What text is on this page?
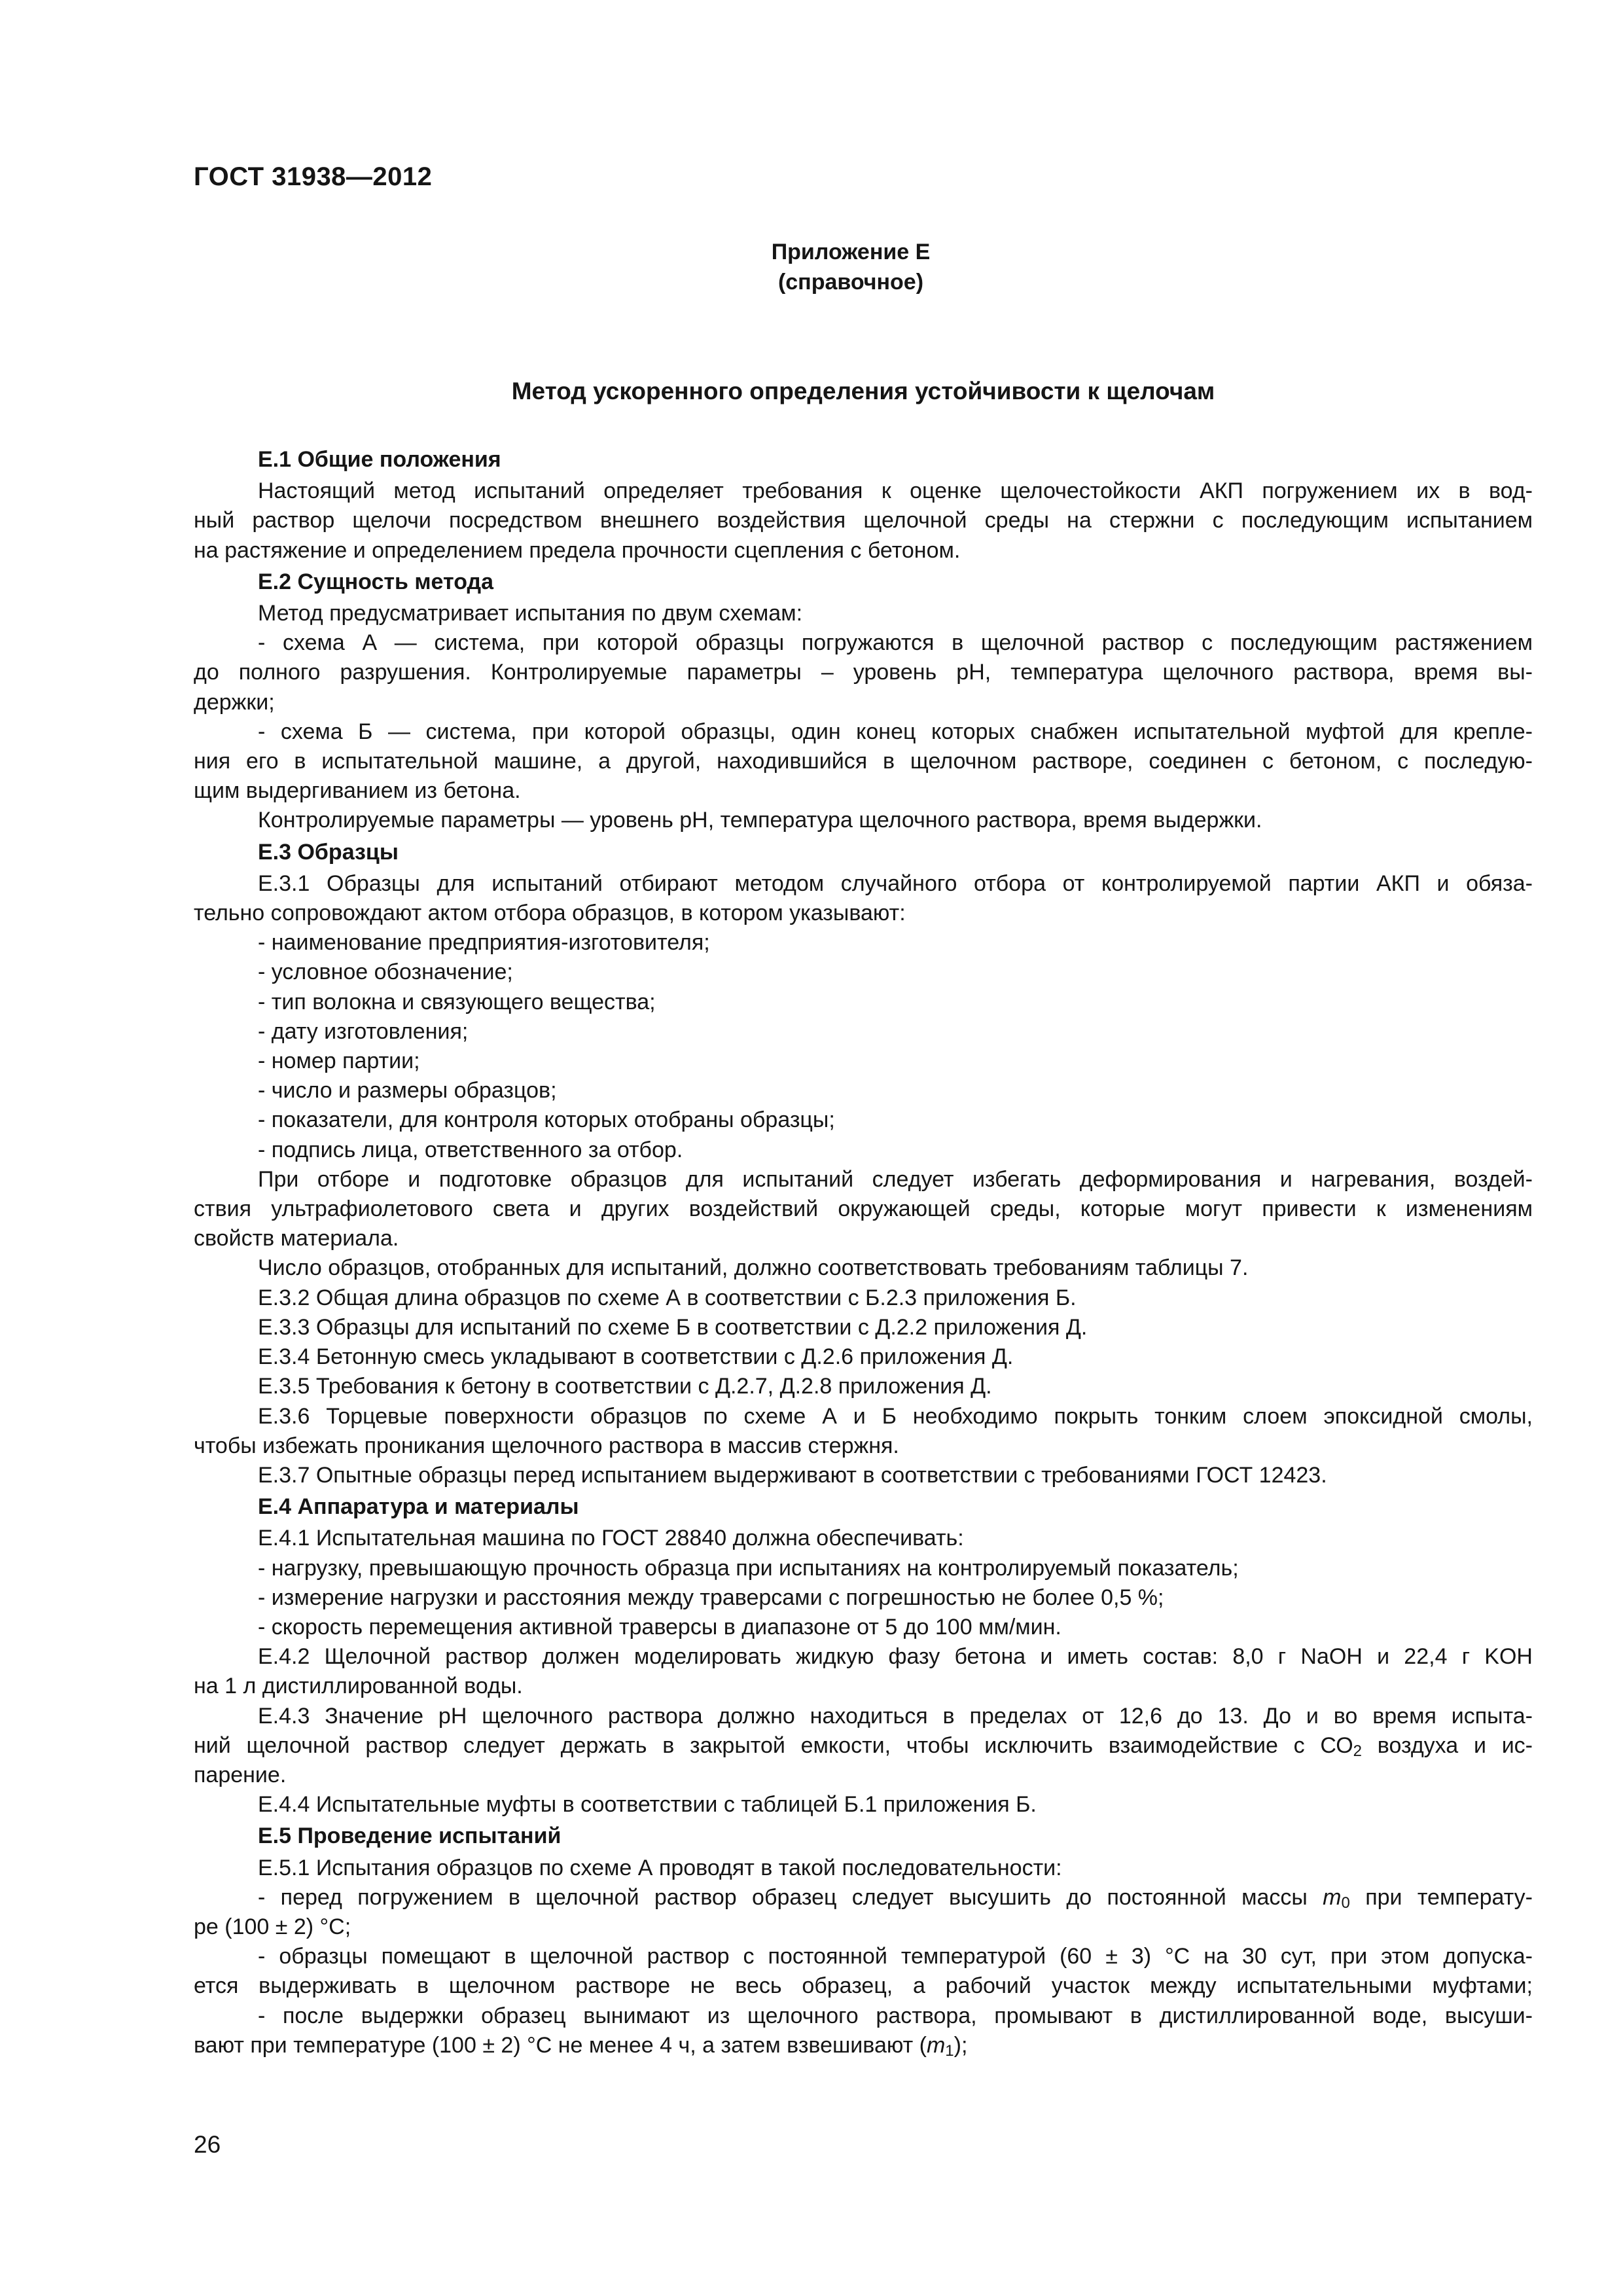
ГОСТ 31938—2012
Приложение Е
(справочное)
Метод ускоренного определения устойчивости к щелочам

Е.1 Общие положения

Настоящий метод испытаний определяет требования к оценке щелочестойкости АКП погружением их в вод-

ный раствор щелочи посредством внешнего воздействия щелочной среды на стержни с последующим испытанием

на растяжение и определением предела прочности сцепления с бетоном.

Е.2 Сущность метода

Метод предусматривает испытания по двум схемам:

- схема А — система, при которой образцы погружаются в щелочной раствор с последующим растяжением

до полного разрушения. Контролируемые параметры – уровень рН, температура щелочного раствора, время вы-

держки;

- схема Б — система, при которой образцы, один конец которых снабжен испытательной муфтой для крепле-

ния его в испытательной машине, а другой, находившийся в щелочном растворе, соединен с бетоном, с последую-

щим выдергиванием из бетона.

Контролируемые параметры — уровень рН, температура щелочного раствора, время выдержки.

Е.3 Образцы

Е.3.1 Образцы для испытаний отбирают методом случайного отбора от контролируемой партии АКП и обяза-

тельно сопровождают актом отбора образцов, в котором указывают:

- наименование предприятия-изготовителя;

- условное обозначение;

- тип волокна и связующего вещества;

- дату изготовления;

- номер партии;

- число и размеры образцов;

- показатели, для контроля которых отобраны образцы;

- подпись лица, ответственного за отбор.

При отборе и подготовке образцов для испытаний следует избегать деформирования и нагревания, воздей-

ствия ультрафиолетового света и других воздействий окружающей среды, которые могут привести к изменениям

свойств материала.

Число образцов, отобранных для испытаний, должно соответствовать требованиям таблицы 7.

Е.3.2 Общая длина образцов по схеме А в соответствии с Б.2.3 приложения Б.

Е.3.3 Образцы для испытаний по схеме Б в соответствии с Д.2.2 приложения Д.

Е.3.4 Бетонную смесь укладывают в соответствии с Д.2.6 приложения Д.

Е.3.5 Требования к бетону в соответствии с Д.2.7, Д.2.8 приложения Д.

Е.3.6 Торцевые поверхности образцов по схеме А и Б необходимо покрыть тонким слоем эпоксидной смолы,

чтобы избежать проникания щелочного раствора в массив стержня.

Е.3.7 Опытные образцы перед испытанием выдерживают в соответствии с требованиями ГОСТ 12423.

Е.4 Аппаратура и материалы

Е.4.1 Испытательная машина по ГОСТ 28840 должна обеспечивать:

- нагрузку, превышающую прочность образца при испытаниях на контролируемый показатель;

- измерение нагрузки и расстояния между траверсами с погрешностью не более 0,5 %;

- скорость перемещения активной траверсы в диапазоне от 5 до 100 мм/мин.

Е.4.2 Щелочной раствор должен моделировать жидкую фазу бетона и иметь состав: 8,0 г NaOH и 22,4 г KOH

на 1 л дистиллированной воды.

Е.4.3 Значение рН щелочного раствора должно находиться в пределах от 12,6 до 13. До и во время испыта-

ний щелочной раствор следует держать в закрытой емкости, чтобы исключить взаимодействие с $СО_2$ воздуха и ис-

парение.

Е.4.4 Испытательные муфты в соответствии с таблицей Б.1 приложения Б.

Е.5 Проведение испытаний

Е.5.1 Испытания образцов по схеме А проводят в такой последовательности:

- перед погружением в щелочной раствор образец следует высушить до постоянной массы $m_0$ при температу-

ре (100 ± 2) °С;

- образцы помещают в щелочной раствор с постоянной температурой (60 ± 3) °С на 30 сут, при этом допуска-

ется выдерживать в щелочном растворе не весь образец, а рабочий участок между испытательными муфтами;

- после выдержки образец вынимают из щелочного раствора, промывают в дистиллированной воде, высуши-

вают при температуре (100 ± 2) °С не менее 4 ч, а затем взвешивают $(m_1)$;

26
